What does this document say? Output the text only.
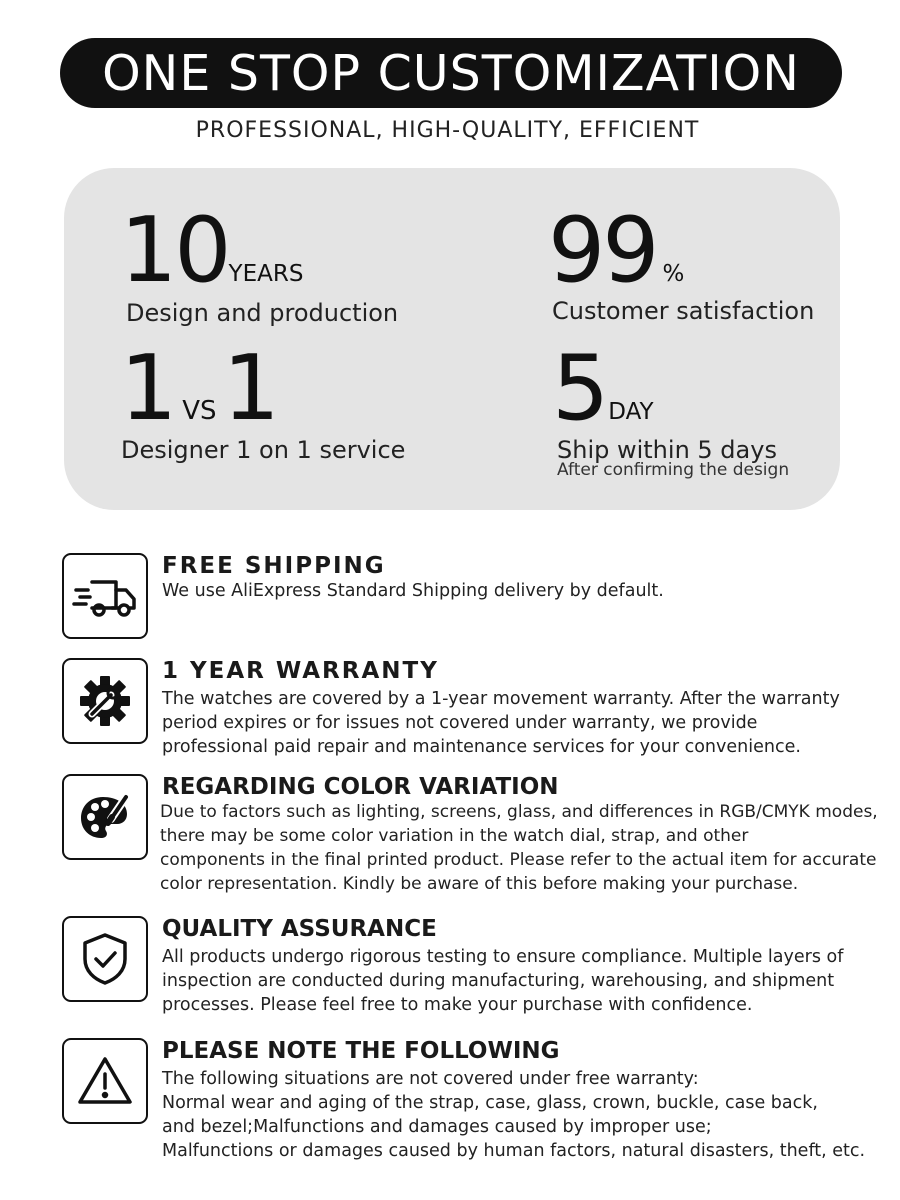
ONE STOP CUSTOMIZATION
PROFESSIONAL, HIGH-QUALITY, EFFICIENT
10YEARS
Design and production
99 %
Customer satisfaction
1 VS1
Designer 1 on 1 service
5DAY
Ship within 5 days
After confirming the design
FREE SHIPPING
We use AliExpress Standard Shipping delivery by default.
1 YEAR WARRANTY
The watches are covered by a 1-year movement warranty. After the warranty
period expires or for issues not covered under warranty, we provide
professional paid repair and maintenance services for your convenience.
REGARDING COLOR VARIATION
Due to factors such as lighting, screens, glass, and differences in RGB/CMYK modes,
there may be some color variation in the watch dial, strap, and other
components in the final printed product. Please refer to the actual item for accurate
color representation. Kindly be aware of this before making your purchase.
QUALITY ASSURANCE
All products undergo rigorous testing to ensure compliance. Multiple layers of
inspection are conducted during manufacturing, warehousing, and shipment
processes. Please feel free to make your purchase with confidence.
PLEASE NOTE THE FOLLOWING
The following situations are not covered under free warranty:
Normal wear and aging of the strap, case, glass, crown, buckle, case back,
and bezel;Malfunctions and damages caused by improper use;
Malfunctions or damages caused by human factors, natural disasters, theft, etc.
